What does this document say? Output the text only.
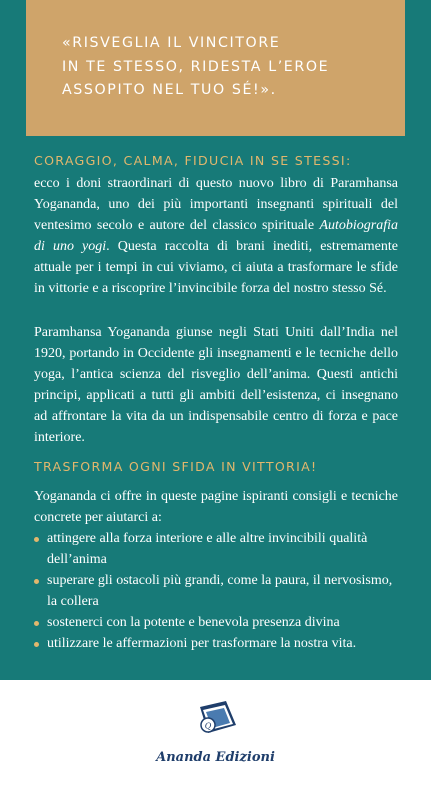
«RISVEGLIA IL VINCITORE
IN TE STESSO, RIDESTA L’EROE
ASSOPITO NEL TUO SÉ!».

CORAGGIO, CALMA, FIDUCIA IN SE STESSI:

ecco i doni straordinari di questo nuovo libro di Paramhansa Yogananda, uno dei più importanti insegnanti spirituali del ventesimo secolo e autore del classico spirituale Autobiografia di uno yogi. Questa raccolta di brani inediti, estremamente attuale per i tempi in cui viviamo, ci aiuta a trasformare le sfide in vittorie e a riscoprire l’invincibile forza del nostro stesso Sé.

Paramhansa Yogananda giunse negli Stati Uniti dall’India nel 1920, portando in Occidente gli insegnamenti e le tecniche dello yoga, l’antica scienza del risveglio dell’anima. Questi antichi principi, applicati a tutti gli ambiti dell’esistenza, ci insegnano ad affrontare la vita da un indispensabile centro di forza e pace interiore.

TRASFORMA OGNI SFIDA IN VITTORIA!

Yogananda ci offre in queste pagine ispiranti consigli e tecniche concrete per aiutarci a:

attingere alla forza interiore e alle altre invincibili qualità dell’anima
superare gli ostacoli più grandi, come la paura, il nervosismo, la collera
sostenerci con la potente e benevola presenza divina
utilizzare le affermazioni per trasformare la nostra vita.
Q
Ananda Edizioni
